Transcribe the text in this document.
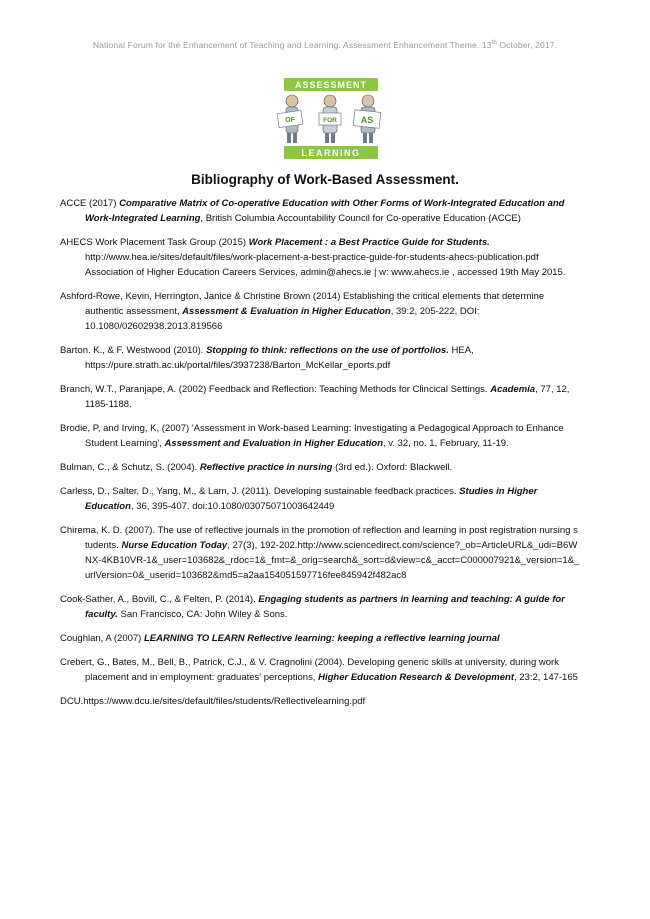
National Forum for the Enhancement of Teaching and Learning: Assessment Enhancement Theme. 13th October, 2017.
ASSESSMENT
OF	FOR	AS
LEARNING
Bibliography of Work-Based Assessment.

ACCE (2017) Comparative Matrix of Co-operative Education with Other Forms of Work-Integrated Education and Work-Integrated Learning, British Columbia Accountability Council for Co-operative Education (ACCE)

AHECS Work Placement Task Group (2015) Work Placement : a Best Practice Guide for Students. http://www.hea.ie/sites/default/files/work-placement-a-best-practice-guide-for-students-ahecs-publication.pdf Association of Higher Education Careers Services, admin@ahecs.ie | w: www.ahecs.ie , accessed 19th May 2015.

Ashford-Rowe, Kevin, Herrington, Janice & Christine Brown (2014) Establishing the critical elements that determine authentic assessment, Assessment & Evaluation in Higher Education, 39:2, 205-222, DOI: 10.1080/02602938.2013.819566

Barton. K., & F. Westwood (2010). Stopping to think: reflections on the use of portfolios. HEA, https://pure.strath.ac.uk/portal/files/3937238/Barton_McKellar_eports.pdf

Branch, W.T., Paranjape, A. (2002) Feedback and Reflection: Teaching Methods for Clincical Settings. Academia, 77, 12, 1185-1188.

Brodie, P, and Irving, K, (2007) 'Assessment in Work-based Learning: Investigating a Pedagogical Approach to Enhance Student Learning', Assessment and Evaluation in Higher Education, v. 32, no. 1, February, 11-19.

Bulman, C., & Schutz, S. (2004). Reflective practice in nursing (3rd ed.). Oxford: Blackwell.

Carless, D., Salter, D., Yang, M., & Lam, J. (2011). Developing sustainable feedback practices. Studies in Higher Education, 36, 395-407. doi:10.1080/03075071003642449

Chirema, K. D. (2007). The use of reflective journals in the promotion of reflection and learning in post registration nursing students. Nurse Education Today, 27(3), 192-202.http://www.sciencedirect.com/science?_ob=ArticleURL&_udi=B6WNX-4KB10VR-1&_user=103682&_rdoc=1&_fmt=&_orig=search&_sort=d&view=c&_acct=C000007921&_version=1&_urlVersion=0&_userid=103682&md5=a2aa154051597716fee845942f482ac8

Cook-Sather, A., Bovill, C., & Felten, P. (2014). Engaging students as partners in learning and teaching: A guide for faculty. San Francisco, CA: John Wiley & Sons.

Coughlan, A (2007) LEARNING TO LEARN Reflective learning: keeping a reflective learning journal

Crebert, G., Bates, M., Bell, B., Patrick, C.J., & V. Cragnolini (2004). Developing generic skills at university, during work placement and in employment: graduates' perceptions, Higher Education Research & Development, 23:2, 147-165

DCU.https://www.dcu.ie/sites/default/files/students/Reflectivelearning.pdf
